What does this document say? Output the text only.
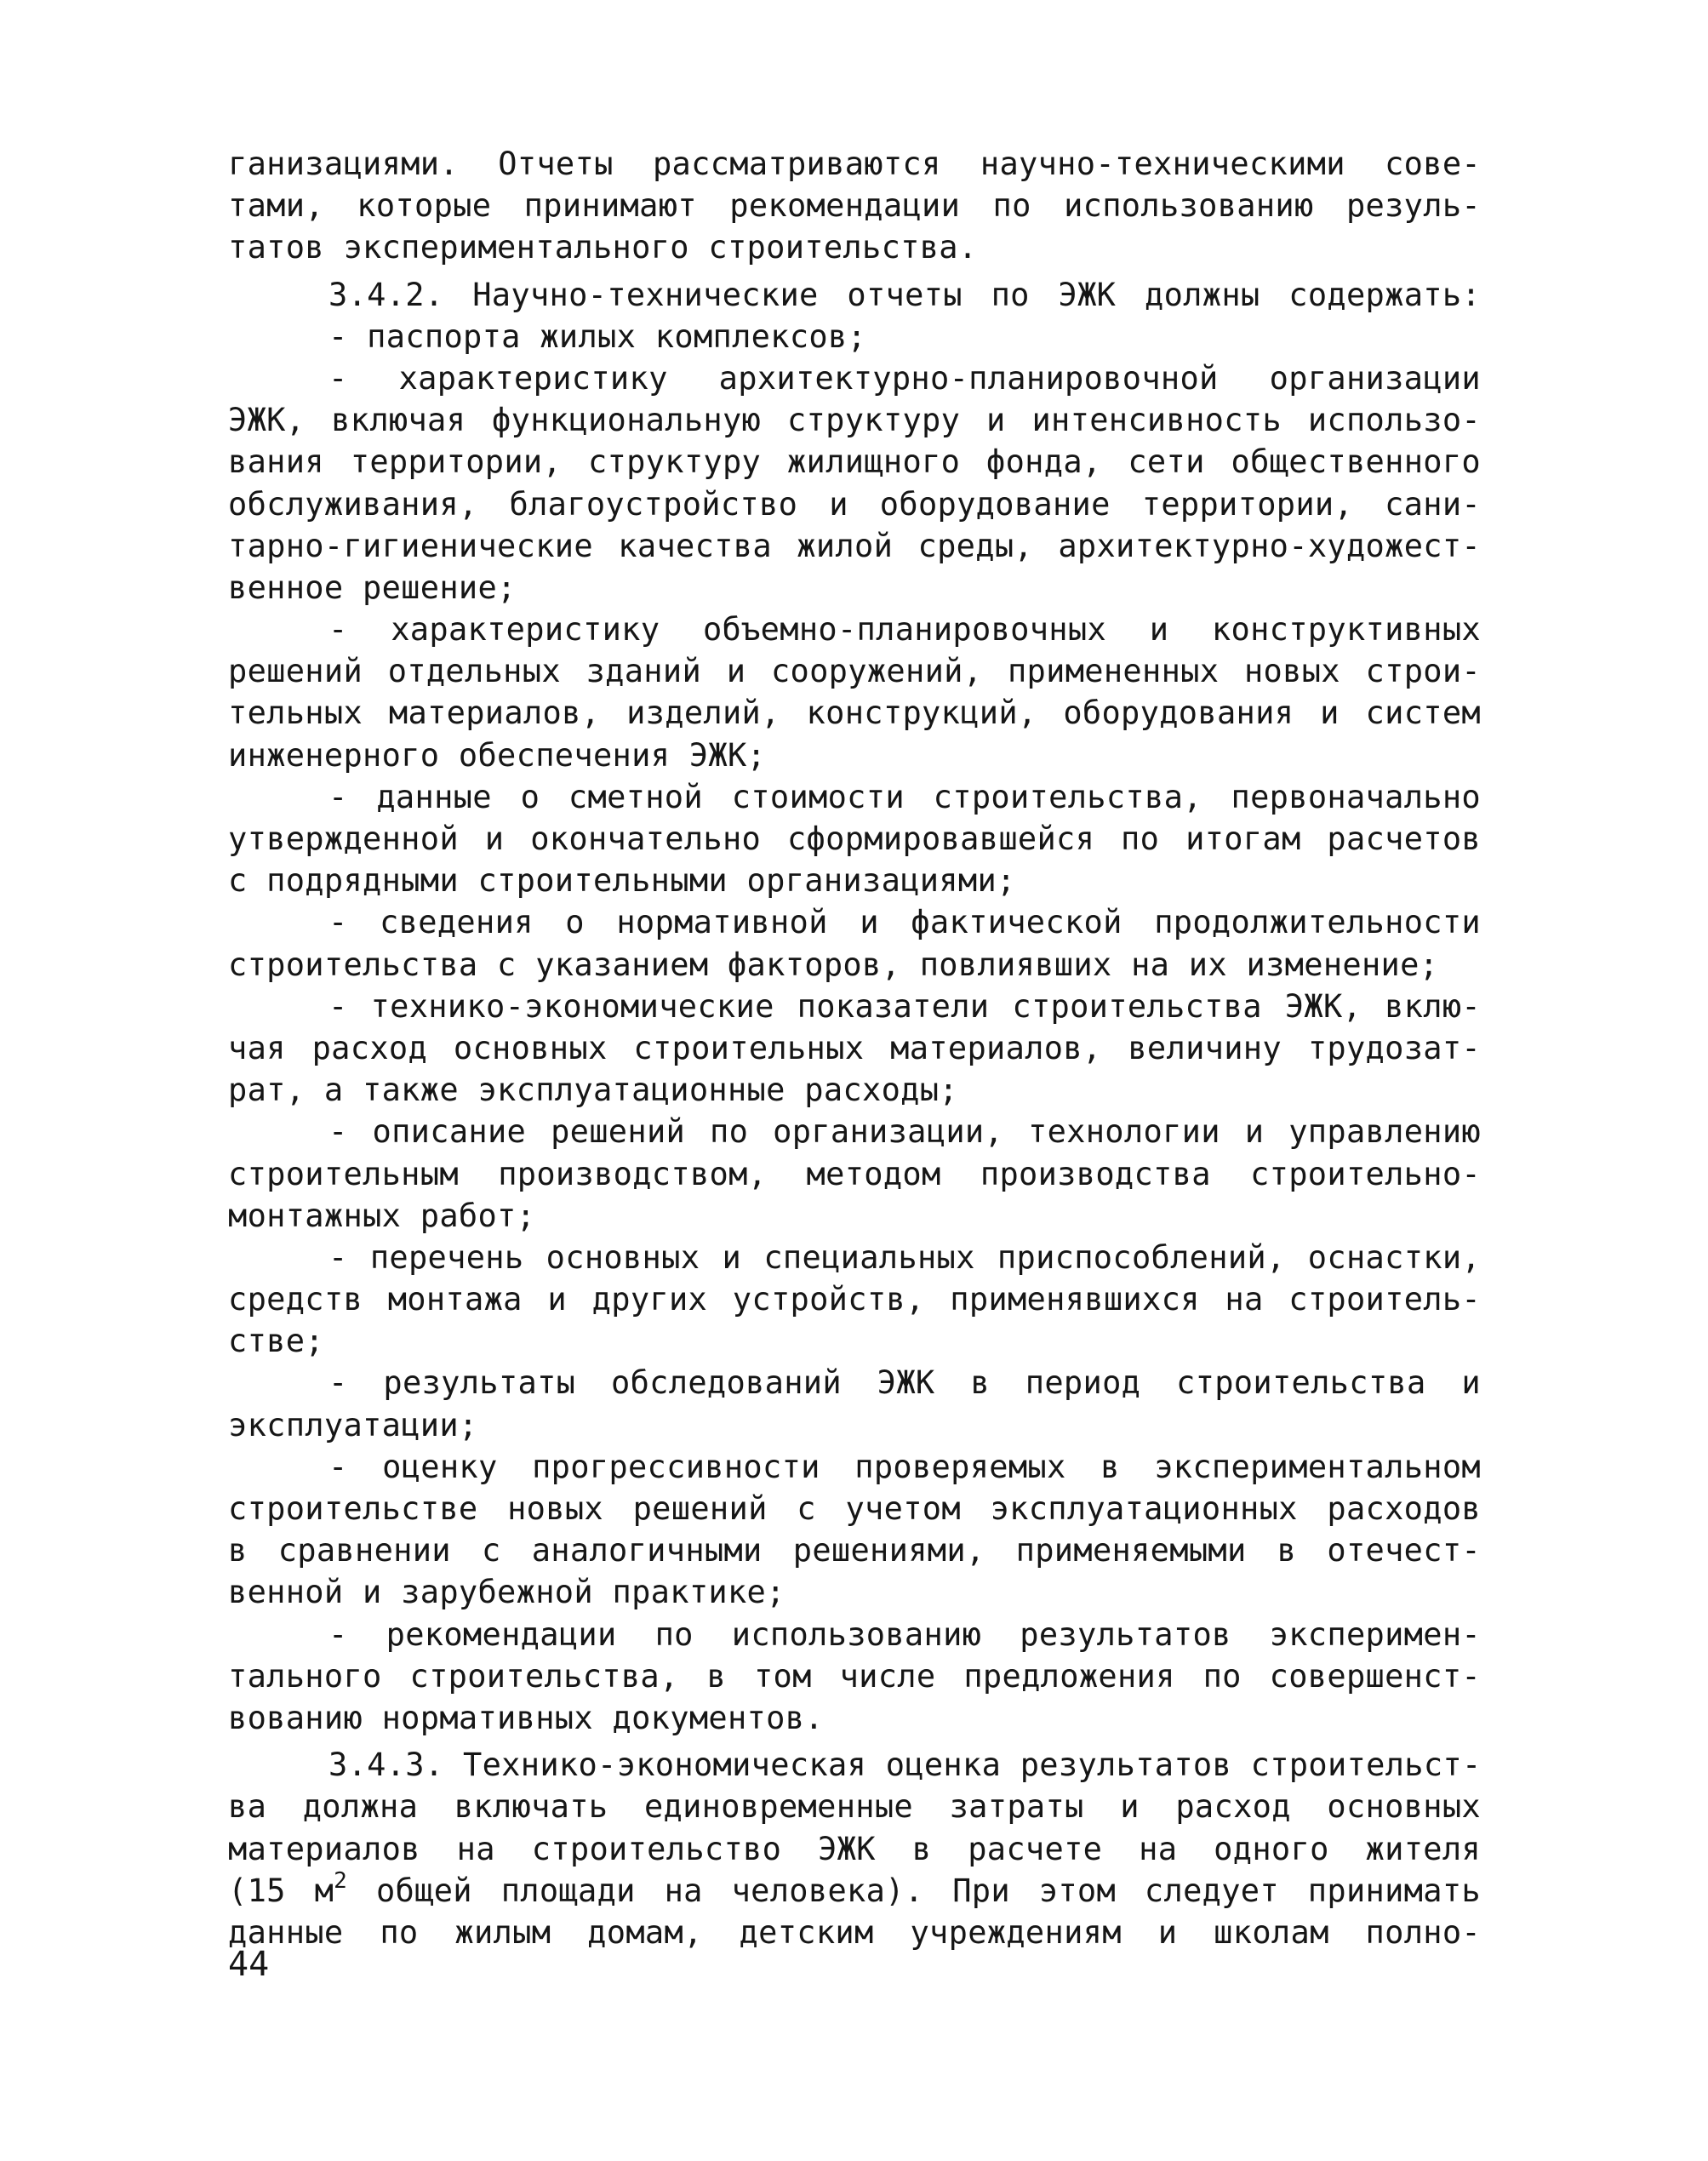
ганизациями. Отчеты рассматриваются научно-техническими сове-
тами, которые принимают рекомендации по использованию резуль-
татов экспериментального строительства.
3.4.2. Научно-технические отчеты по ЭЖК должны содержать:
- паспорта жилых комплексов;
- характеристику архитектурно-планировочной организации
ЭЖК, включая функциональную структуру и интенсивность использо-
вания территории, структуру жилищного фонда, сети общественного
обслуживания, благоустройство и оборудование территории, сани-
тарно-гигиенические качества жилой среды, архитектурно-художест-
венное решение;
- характеристику объемно-планировочных и конструктивных
решений отдельных зданий и сооружений, примененных новых строи-
тельных материалов, изделий, конструкций, оборудования и систем
инженерного обеспечения ЭЖК;
- данные о сметной стоимости строительства, первоначально
утвержденной и окончательно сформировавшейся по итогам расчетов
с подрядными строительными организациями;
- сведения о нормативной и фактической продолжительности
строительства с указанием факторов, повлиявших на их изменение;
- технико-экономические показатели строительства ЭЖК, вклю-
чая расход основных строительных материалов, величину трудозат-
рат, а также эксплуатационные расходы;
- описание решений по организации, технологии и управлению
строительным производством, методом производства строительно-
монтажных работ;
- перечень основных и специальных приспособлений, оснастки,
средств монтажа и других устройств, применявшихся на строитель-
стве;
- результаты обследований ЭЖК в период строительства и
эксплуатации;
- оценку прогрессивности проверяемых в экспериментальном
строительстве новых решений с учетом эксплуатационных расходов
в сравнении с аналогичными решениями, применяемыми в отечест-
венной и зарубежной практике;
- рекомендации по использованию результатов эксперимен-
тального строительства, в том числе предложения по совершенст-
вованию нормативных документов.
3.4.3. Технико-экономическая оценка результатов строительст-
ва должна включать единовременные затраты и расход основных
материалов на строительство ЭЖК в расчете на одного жителя
(15 $м^2$ общей площади на человека). При этом следует принимать
данные по жилым домам, детским учреждениям и школам полно-
44
